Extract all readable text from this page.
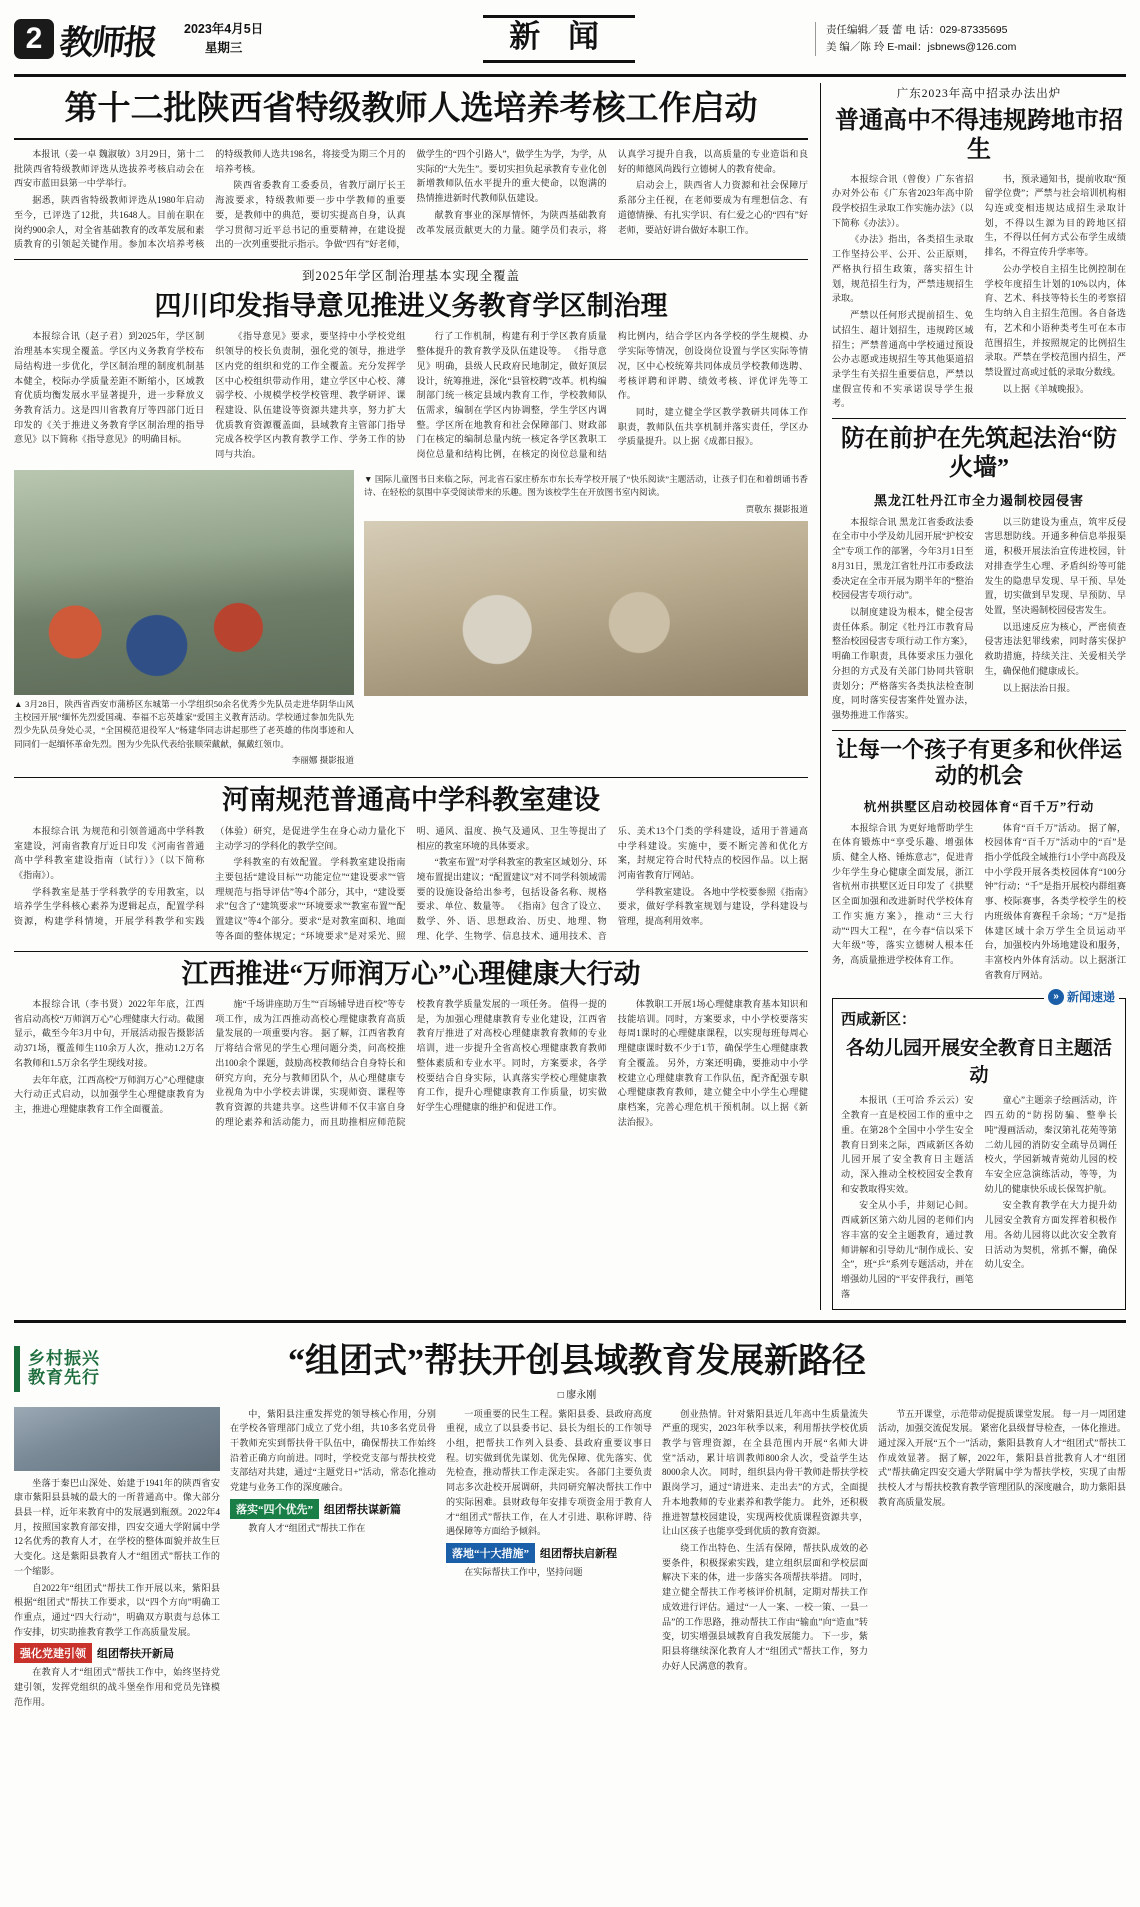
2 教师报 2023年4月5日
星期三	新 闻	责任编辑／聂 蕾 电 话：029-87335695
美 编／陈 玲 E-mail：jsbnews@126.com
第十二批陕西省特级教师人选培养考核工作启动

本报讯（姜一卓 魏淑敏）3月29日，第十二批陕西省特级教师评选从选拔养考核启动会在西安市蓝田县第一中学举行。

据悉，陕西省特级教师评选从1980年启动至今，已评选了12批，共1648人。目前在职在岗约900余人，对全省基础教育的改革发展和素质教育的引领起关键作用。参加本次培养考核的特级教师人选共198名，将接受为期三个月的培养考核。

陕西省委教育工委委员，省教厅副厅长王海波要求，特级教师要一步中学教师的重要要，是教师中的典范，要切实提高自身，认真学习贯彻习近平总书记的重要精神，在建设提出的一次列重要批示指示。争做“四有”好老师，做学生的“四个引路人”，做学生为学，为学，从实际的“大先生”。要切实担负起承教育专业化创新增教师队伍水平提升的重大使命，以饱满的热情推进新时代教师队伍建设。

献教育事业的深厚情怀，为陕西基础教育改革发展贡献更大的力量。随学员们表示，将认真学习提升自我，以高质量的专业造诣和良好的师德风尚践行立德树人的教育使命。

启动会上，陕西省人力资源和社会保障厅系部分主任视，在老师要成为有理想信念、有道德情操、有扎实学识、有仁爱之心的“四有”好老师，要站好讲台做好本职工作。

到2025年学区制治理基本实现全覆盖
四川印发指导意见推进义务教育学区制治理

本报综合讯（赵子君）到2025年，学区制治理基本实现全覆盖。学区内义务教育学校布局结构进一步优化，学区制治理的制度机制基本健全，校际办学质量差距不断缩小，区域教育优质均衡发展水平显著提升，进一步释放义务教育活力。这是四川省教育厅等四部门近日印发的《关于推进义务教育学区制治理的指导意见》以下简称《指导意见》的明确目标。

《指导意见》要求，要坚持中小学校党组织领导的校长负责制，强化党的领导，推进学区内党的组织和党的工作全覆盖。充分发挥学区中心校组织带动作用，建立学区中心校、薄弱学校、小规模学校学校管理、教学研评、课程建设、队伍建设等资源共建共享，努力扩大优质教育资源覆盖面，县域教育主管部门指导完成各校学区内教育教学工作、学务工作的协同与共治。

行了工作机制，构建有利于学区教育质量整体提升的教育教学及队伍建设等。 《指导意见》明确，县级人民政府民地制定，做好顶层设计，统筹推进，深化“县管校聘”改革。机构编制部门统一核定县域内教育工作，学校教师队伍需求，编制在学区内协调整，学生学区内调整。学区所在地教育和社会保障部门、财政部门在核定的编制总量内统一核定各学区教职工岗位总量和结构比例，在核定的岗位总量和结构比例内，结合学区内各学校的学生规模、办学实际等情况，创设岗位设置与学区实际等情况，区中心校统筹共同体成员学校教师选聘、考核评聘和评聘、绩效考核、评优评先等工作。

同时，建立健全学区教学教研共同体工作职责，教师队伍共享机制并落实责任，学区办学质量提升。以上据《成都日报》。

▲ 3月28日，陕西省西安市蒲桥区东城第一小学组织50余名优秀少先队员走进华阴华山风主校园开展“缅怀先烈爱国魂、奉福不忘英雄家”爱国主义教育活动。学校通过参加先队先烈少先队员身处心灵，“全国模范退役军人”杨建华同志讲起那些了老英雄的伟岗事迹和人同同们一起缅怀革命先烈。图为少先队代表给张顺荣戴献，佩戴红领巾。
李丽娜 摄影报道
▼ 国际儿童图书日来临之际，河北省石家庄桥东市东长寿学校开展了“快乐阅读”主题活动，让孩子们在和着朗诵书香诗、在轻松的氛围中享受阅读带来的乐趣。图为该校学生在开放图书室内阅读。
贾敬东 摄影报道
河南规范普通高中学科教室建设

本报综合讯 为规范和引领普通高中学科教室建设，河南省教育厅近日印发《河南省普通高中学科教室建设指南（试行）》（以下简称《指南》）。

学科教室是基于学科教学的专用教室，以培养学生学科核心素养为逻辑起点，配置学科资源，构建学科情境，开展学科教学和实践（体验）研究，是促进学生在身心动力量化下主动学习的学科化的教学空间。

学科教室的有效配置。 学科教室建设指南主要包括“建设目标”“功能定位”“建设要求”“管理规范与指导评估”等4个部分，其中，“建设要求”包含了“建筑要求”“环境要求”“教室布置”“配置建议”等4个部分。要求“是对教室面积、地面等各面的整体规定；“环境要求”是对采光、照明、通风、温度、换气及通风、卫生等提出了相应的教室环境的具体要求。

“教室布置”对学科教室的教室区域划分、环境布置提出建议；“配置建议”对不同学科领域需要的设施设备给出参考，包括设备名称、规格要求、单位、数量等。 《指南》包含了设立、数学、外、语、思想政治、历史、地理、物理、化学、生物学、信息技术、通用技术、音乐、美术13个门类的学科建设，适用于普通高中学科建设。实施中，要不断完善和优化方案，封规定符合时代特点的校园作品。以上据河南省教育厅网站。

学科教室建设。 各地中学校要参照《指南》要求，做好学科教室规划与建设，学科建设与管理，提高利用效率。

江西推进“万师润万心”心理健康大行动

本报综合讯（李书贤）2022年年底，江西省启动高校“万师润万心”心理健康大行动。截图显示，截至今年3月中旬，开展活动报告摄影活动371场，覆盖师生110余万人次，推动1.2万名名教师和1.5万余名学生现线对接。

去年年底，江西高校“万师润万心”心理健康大行动正式启动，以加强学生心理健康教育为主，推进心理健康教育工作全面覆盖。

施“千场讲座助万生”“百场辅导进百校”等专项工作，成为江西推动高校心理健康教育高质量发展的一项重要内容。 据了解，江西省教育厅将结合常见的学生心理问题分类，问高校推出100余个课题，鼓励高校教师结合自身特长和研究方向，充分与教师团队个，从心理健康专业视角为中小学校去讲课，实现师资、课程等教育资源的共建共享。这些讲师不仅丰富自身的理论素养和活动能力，而且助推相应师范院校教育教学质量发展的一项任务。 值得一提的是，为加强心理健康教育专业化建设，江西省教育厅推进了对高校心理健康教育教师的专业培训，进一步提升全省高校心理健康教育教师整体素质和专业水平。同时，方案要求，各学校要结合自身实际，认真落实学校心理健康教育工作，提升心理健康教育工作质量，切实做好学生心理健康的维护和促进工作。

体教职工开展1场心理健康教育基本知识和技能培训。同时，方案要求，中小学校要落实每周1课时的心理健康课程，以实现每班每周心理健康课时数不少于1节，确保学生心理健康教育全覆盖。 另外，方案还明确，要推动中小学校建立心理健康教育工作队伍，配齐配强专职心理健康教育教师，建立健全中小学生心理健康档案，完善心理危机干预机制。以上据《新法治报》。

广东2023年高中招录办法出炉
普通高中不得违规跨地市招生

本报综合讯（曾俊）广东省招办对外公布《广东省2023年高中阶段学校招生录取工作实施办法》（以下简称《办法》）。

《办法》指出，各类招生录取工作坚持公平、公开、公正原则，严格执行招生政策，落实招生计划，规范招生行为，严禁违规招生录取。

严禁以任何形式提前招生、免试招生、超计划招生，违规跨区域招生；严禁普通高中学校通过预设公办志愿或违规招生等其他渠道招录学生有关招生重要信息，严禁以虚假宣传和不实承诺误导学生报考。

书，预录通知书，提前收取“预留学位费”；严禁与社会培训机构相勾连或变相违规达成招生录取计划，不得以生源为目的跨地区招生，不得以任何方式公布学生成绩排名，不得宣传升学率等。

公办学校自主招生比例控制在学校年度招生计划的10%以内，体育、艺术、科技等特长生的考察招生均纳入自主招生范围。各自备选有，艺术和小语种类考生可在本市范围招生，并按照规定的比例招生录取。严禁在学校范围内招生，严禁设置过高或过低的录取分数线。

以上据《羊城晚报》。

防在前护在先筑起法治“防火墙”
黑龙江牡丹江市全力遏制校园侵害

本报综合讯 黑龙江省委政法委在全市中小学及幼儿园开展“护校安全”专项工作的部署，今年3月1日至8月31日，黑龙江省牡丹江市委政法委决定在全市开展为期半年的“整治校园侵害专项行动”。

以制度建设为根本，健全侵害责任体系。制定《牡丹江市教育局整治校园侵害专项行动工作方案》，明确工作职责，具体要求压力强化分担的方式及有关部门协同共管职责划分；严格落实各类执法检查制度，同时落实侵害案件处置办法，强势推进工作落实。

以三防建设为重点，筑牢反侵害思想防线。开通多种信息举报渠道，积极开展法治宣传进校园，针对排查学生心理、矛盾纠纷等可能发生的隐患早发现、早干预、早处置，切实做到早发现、早预防、早处置，坚决遏制校园侵害发生。

以迅速反应为核心，严密侦查侵害违法犯罪线索，同时落实保护救助措施，持续关注、关爱相关学生，确保他们健康成长。

以上据法治日报。

让每一个孩子有更多和伙伴运动的机会
杭州拱墅区启动校园体育“百千万”行动

本报综合讯 为更好地帮助学生在体育锻炼中“享受乐趣、增强体质、健全人格、锤炼意志”，促进青少年学生身心健康全面发展，浙江省杭州市拱墅区近日印发了《拱墅区全面加强和改进新时代学校体育工作实施方案》，推动“三大行动”“四大工程”，在今春“信以采下大年级”等，落实立德树人根本任务，高质量推进学校体育工作。

体育“百千万”活动。 据了解，校园体育“百千万”活动中的“百”是指小学低段全域推行1小学中高段及中小学段开展各类校园体育“100分钟”行动；“千”是指开展校内群组赛事、校际赛事，各类学校学生的校内班级体育赛程千余场；“万”是指体建区域十余万学生全员运动平台，加强校内外场地建设和服务，丰富校内外体育活动。以上据浙江省教育厅网站。

» 新闻速递
西咸新区：
各幼儿园开展安全教育日主题活动

本报讯（王可洽 乔云云）安全教育一直是校园工作的重中之重。在第28个全国中小学生安全教育日到来之际，西咸新区各幼儿园开展了安全教育日主题活动，深入推动全校校园安全教育和安教取得实效。

安全从小手，井刻记心间。 西咸新区第六幼儿园的老师们内容丰富的安全主题教育，通过教师讲解和引导幼儿“制作成长、安全”，班“乒”系列专题活动，并在增强幼儿园的“平安伴我行，画笔落

童心”主题亲子绘画活动，许四五幼的“防拐防骗、整拳长吨”漫画活动，秦汉第礼花苑等第二幼儿园的消防安全疏导员调任校火，学园新城青菀幼儿园的校车安全应急演练活动，等等，为幼儿的健康快乐成长保驾护航。

安全教育教学在大力提升幼儿园安全教育方面发挥着积极作用。各幼儿园将以此次安全教育日活动为契机，常抓不懈，确保幼儿安全。

乡村振兴
教育先行	“组团式”帮扶开创县域教育发展新路径
□ 廖永刚

坐落于秦巴山深处、始建于1941年的陕西省安康市紫阳县县城的最大的一所普通高中。像大部分县县一样，近年来教育中的发展遇到瓶颈。2022年4月，按照国家教育部安排，四安交通大学附属中学12名优秀的教育人才，在学校的整体面貌并故生巨大变化。这是紫阳县教育人才“组团式”帮扶工作的一个缩影。

自2022年“组团式”帮扶工作开展以来，紫阳县根据“组团式”帮扶工作要求，以“四个方向”明确工作重点，通过“四大行动”，明确双方职责与总体工作安排，切实助推教育教学工作高质量发展。

强化党建引领 组团帮扶开新局

在教育人才“组团式”帮扶工作中，始终坚持党建引领，发挥党组织的战斗堡垒作用和党员先锋模范作用。

中，紫阳县注重发挥党的领导核心作用，分别在学校各管理部门成立了党小组，共10多名党员骨干教师充实到帮扶骨干队伍中，确保帮扶工作始终沿着正确方向前进。同时，学校党支部与帮扶校党支部结对共建，通过“主题党日+”活动，常态化推动党建与业务工作的深度融合。

落实“四个优先” 组团帮扶谋新篇

教育人才“组团式”帮扶工作在

一项重要的民生工程。紫阳县委、县政府高度重视，成立了以县委书记、县长为组长的工作领导小组，把帮扶工作列入县委、县政府重要议事日程。切实做到优先谋划、优先保障、优先落实、优先检查，推动帮扶工作走深走实。 各部门主要负责同志多次赴校开展调研，共同研究解决帮扶工作中的实际困难。县财政每年安排专项资金用于教育人才“组团式”帮扶工作，在人才引进、职称评聘、待遇保障等方面给予倾斜。

落地“十大措施” 组团帮扶启新程

在实际帮扶工作中，坚持问题

创业热情。针对紫阳县近几年高中生质量流失严重的现实，2023年秋季以来，利用帮扶学校优质教学与管理资源，在全县范围内开展“名师大讲堂”活动，累计培训教师800余人次，受益学生达8000余人次。 同时，组织县内骨干教师赴帮扶学校跟岗学习，通过“请进来、走出去”的方式，全面提升本地教师的专业素养和教学能力。 此外，还积极推进智慧校园建设，实现两校优质课程资源共享，让山区孩子也能享受到优质的教育资源。

绕工作出特色、生活有保障，帮扶队成效的必要条件，积极探索实践，建立组织层面和学校层面解决下来的体，进一步落实各项帮扶举措。 同时，建立健全帮扶工作考核评价机制，定期对帮扶工作成效进行评估。通过“一人一案、一校一策、一县一品”的工作思路，推动帮扶工作由“输血”向“造血”转变，切实增强县域教育自我发展能力。 下一步，紫阳县将继续深化教育人才“组团式”帮扶工作，努力办好人民满意的教育。

节五开课堂，示范带动促提质课堂发展。 每一月一周团建活动，加强交流促发展。 紧密化县级督导检查，一体化推进。 通过深入开展“五个一”活动，紫阳县教育人才“组团式”帮扶工作成效显著。 据了解，2022年，紫阳县首批教育人才“组团式”帮扶确定四安交通大学附属中学为帮扶学校，实现了由帮扶校人才与帮扶校教育教学管理团队的深度融合，助力紫阳县教育高质量发展。
